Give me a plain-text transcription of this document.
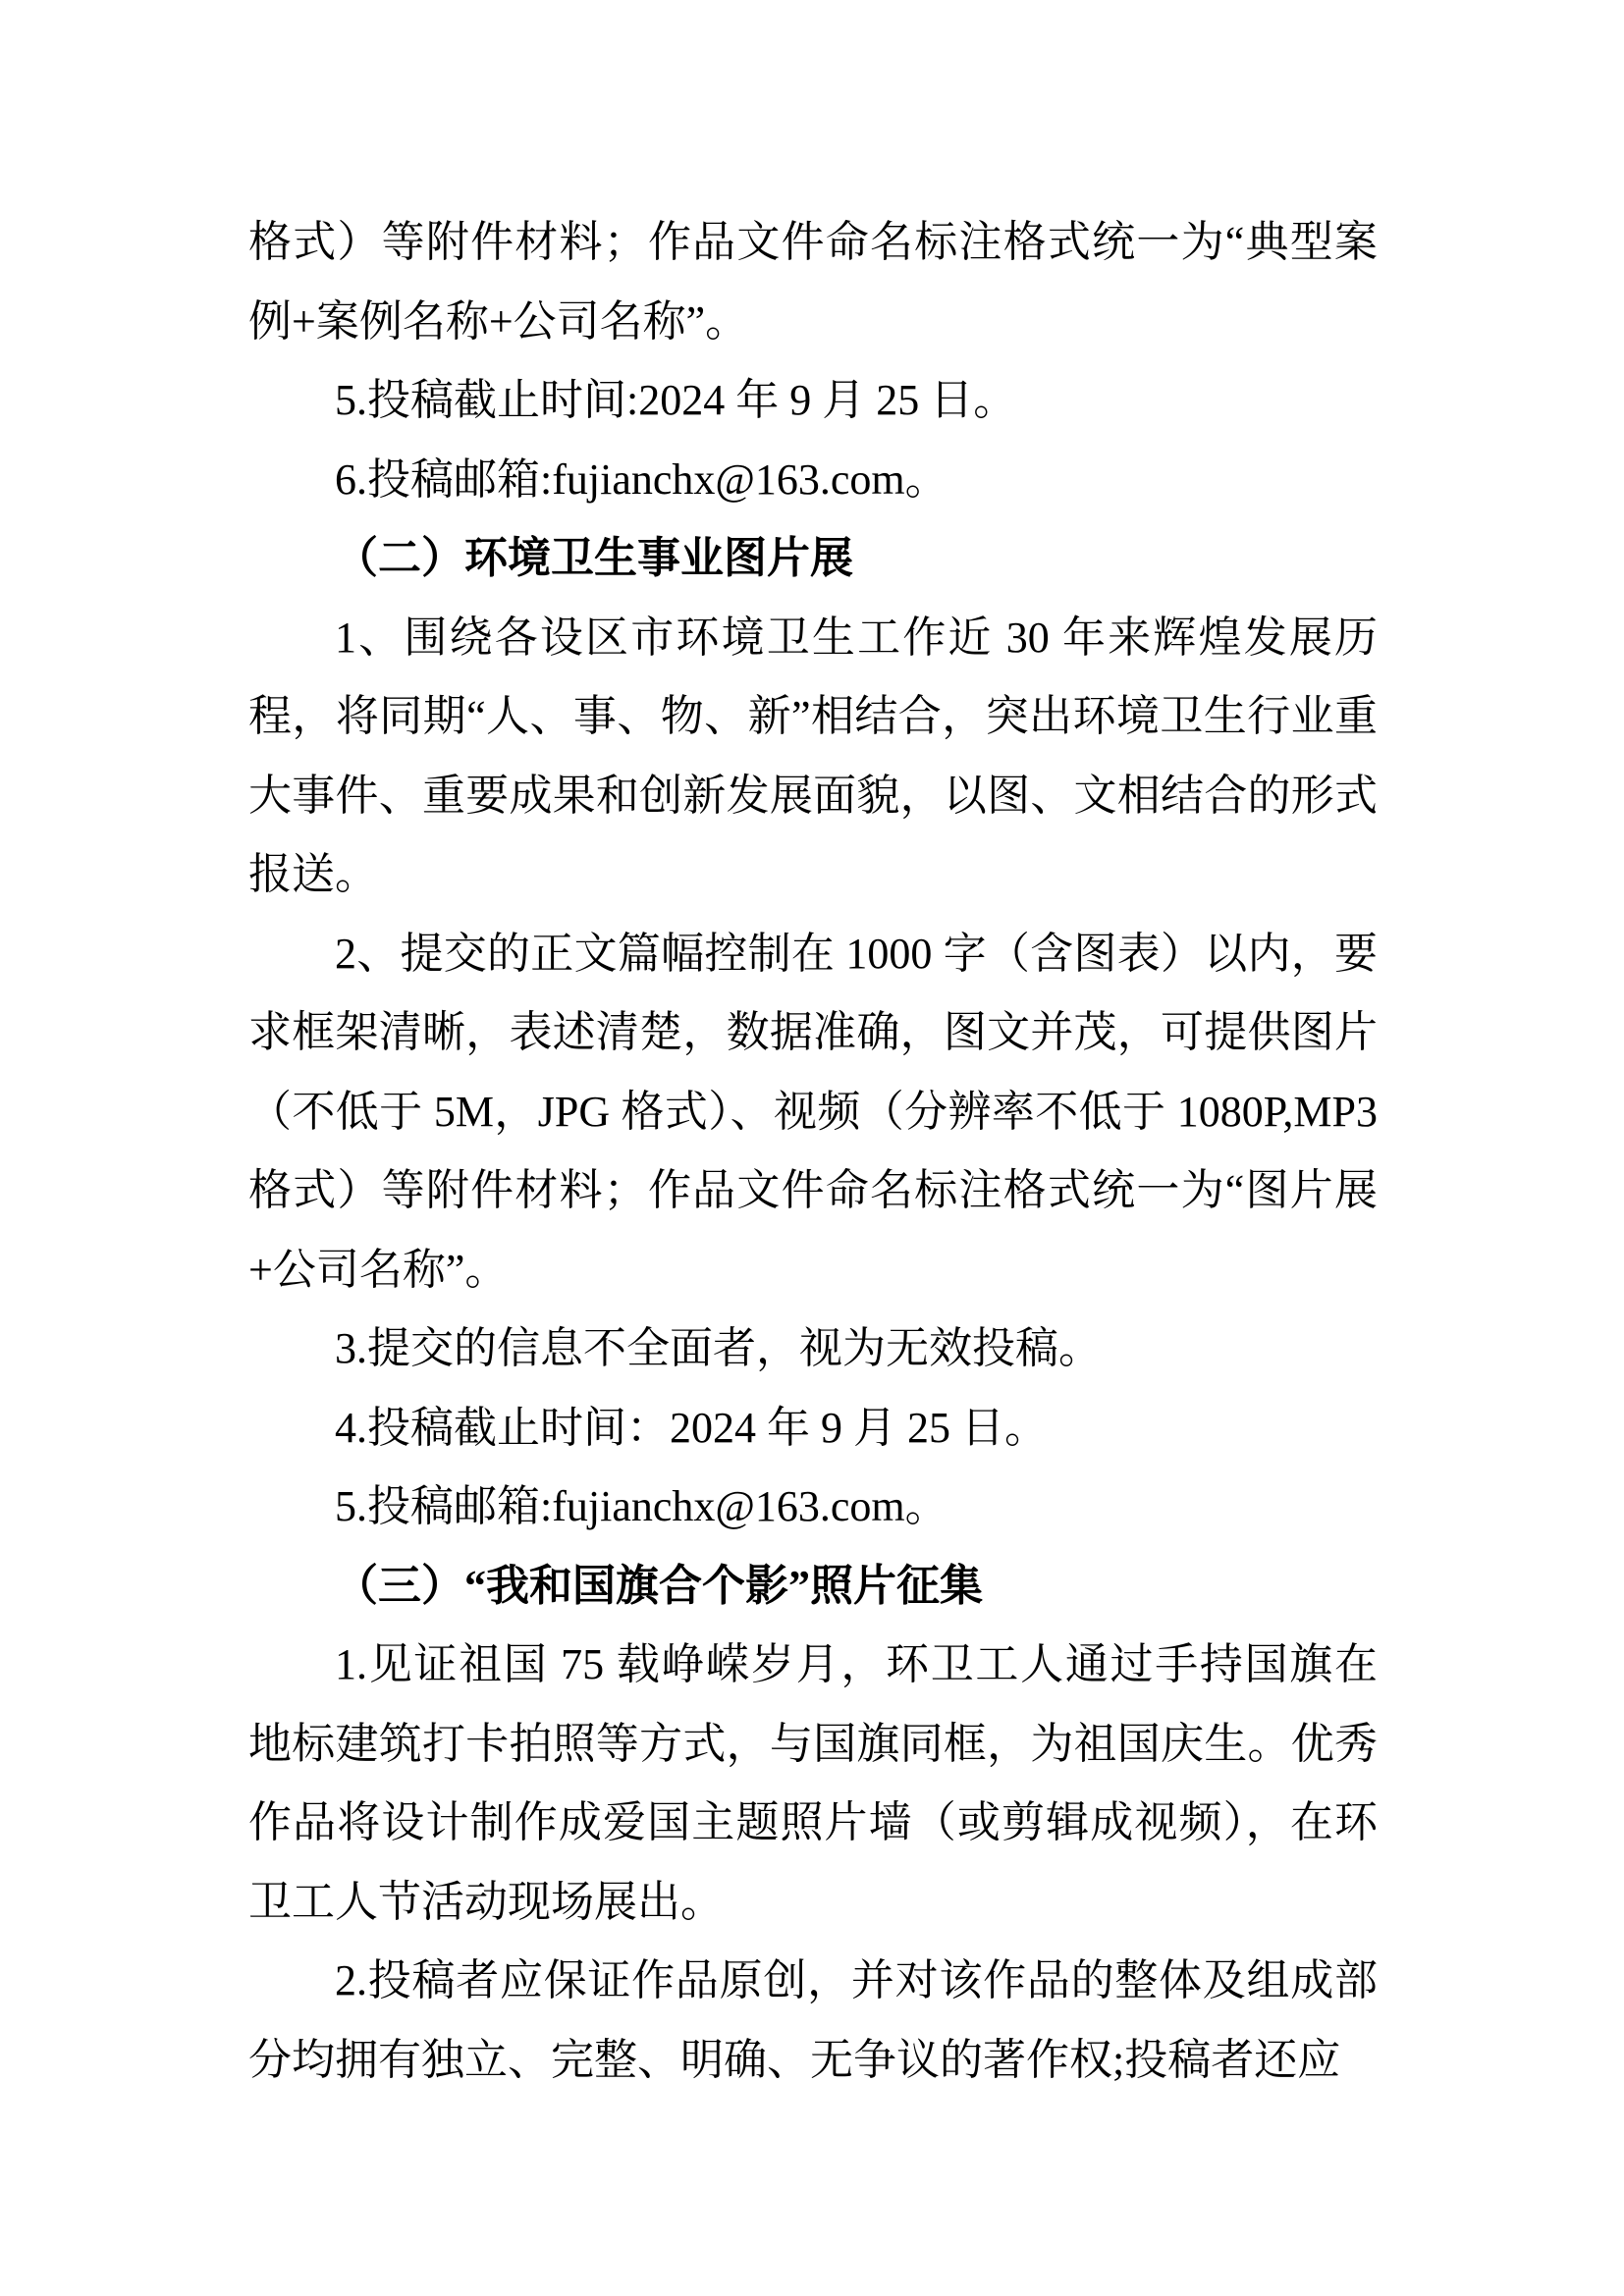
格式）等附件材料；作品文件命名标注格式统一为“典型案例+案例名称+公司名称”。

5.投稿截止时间:2024 年 9 月 25 日。

6.投稿邮箱:fujianchx@163.com。

（二）环境卫生事业图片展

1、围绕各设区市环境卫生工作近 30 年来辉煌发展历程，将同期“人、事、物、新”相结合，突出环境卫生行业重大事件、重要成果和创新发展面貌，以图、文相结合的形式报送。

2、提交的正文篇幅控制在 1000 字（含图表）以内，要求框架清晰，表述清楚，数据准确，图文并茂，可提供图片（不低于 5M，JPG 格式）、视频（分辨率不低于 1080P,MP3 格式）等附件材料；作品文件命名标注格式统一为“图片展+公司名称”。

3.提交的信息不全面者，视为无效投稿。

4.投稿截止时间：2024 年 9 月 25 日。

5.投稿邮箱:fujianchx@163.com。

（三）“我和国旗合个影”照片征集

1.见证祖国 75 载峥嵘岁月，环卫工人通过手持国旗在地标建筑打卡拍照等方式，与国旗同框，为祖国庆生。优秀作品将设计制作成爱国主题照片墙（或剪辑成视频），在环卫工人节活动现场展出。

2.投稿者应保证作品原创，并对该作品的整体及组成部分均拥有独立、完整、明确、无争议的著作权;投稿者还应
